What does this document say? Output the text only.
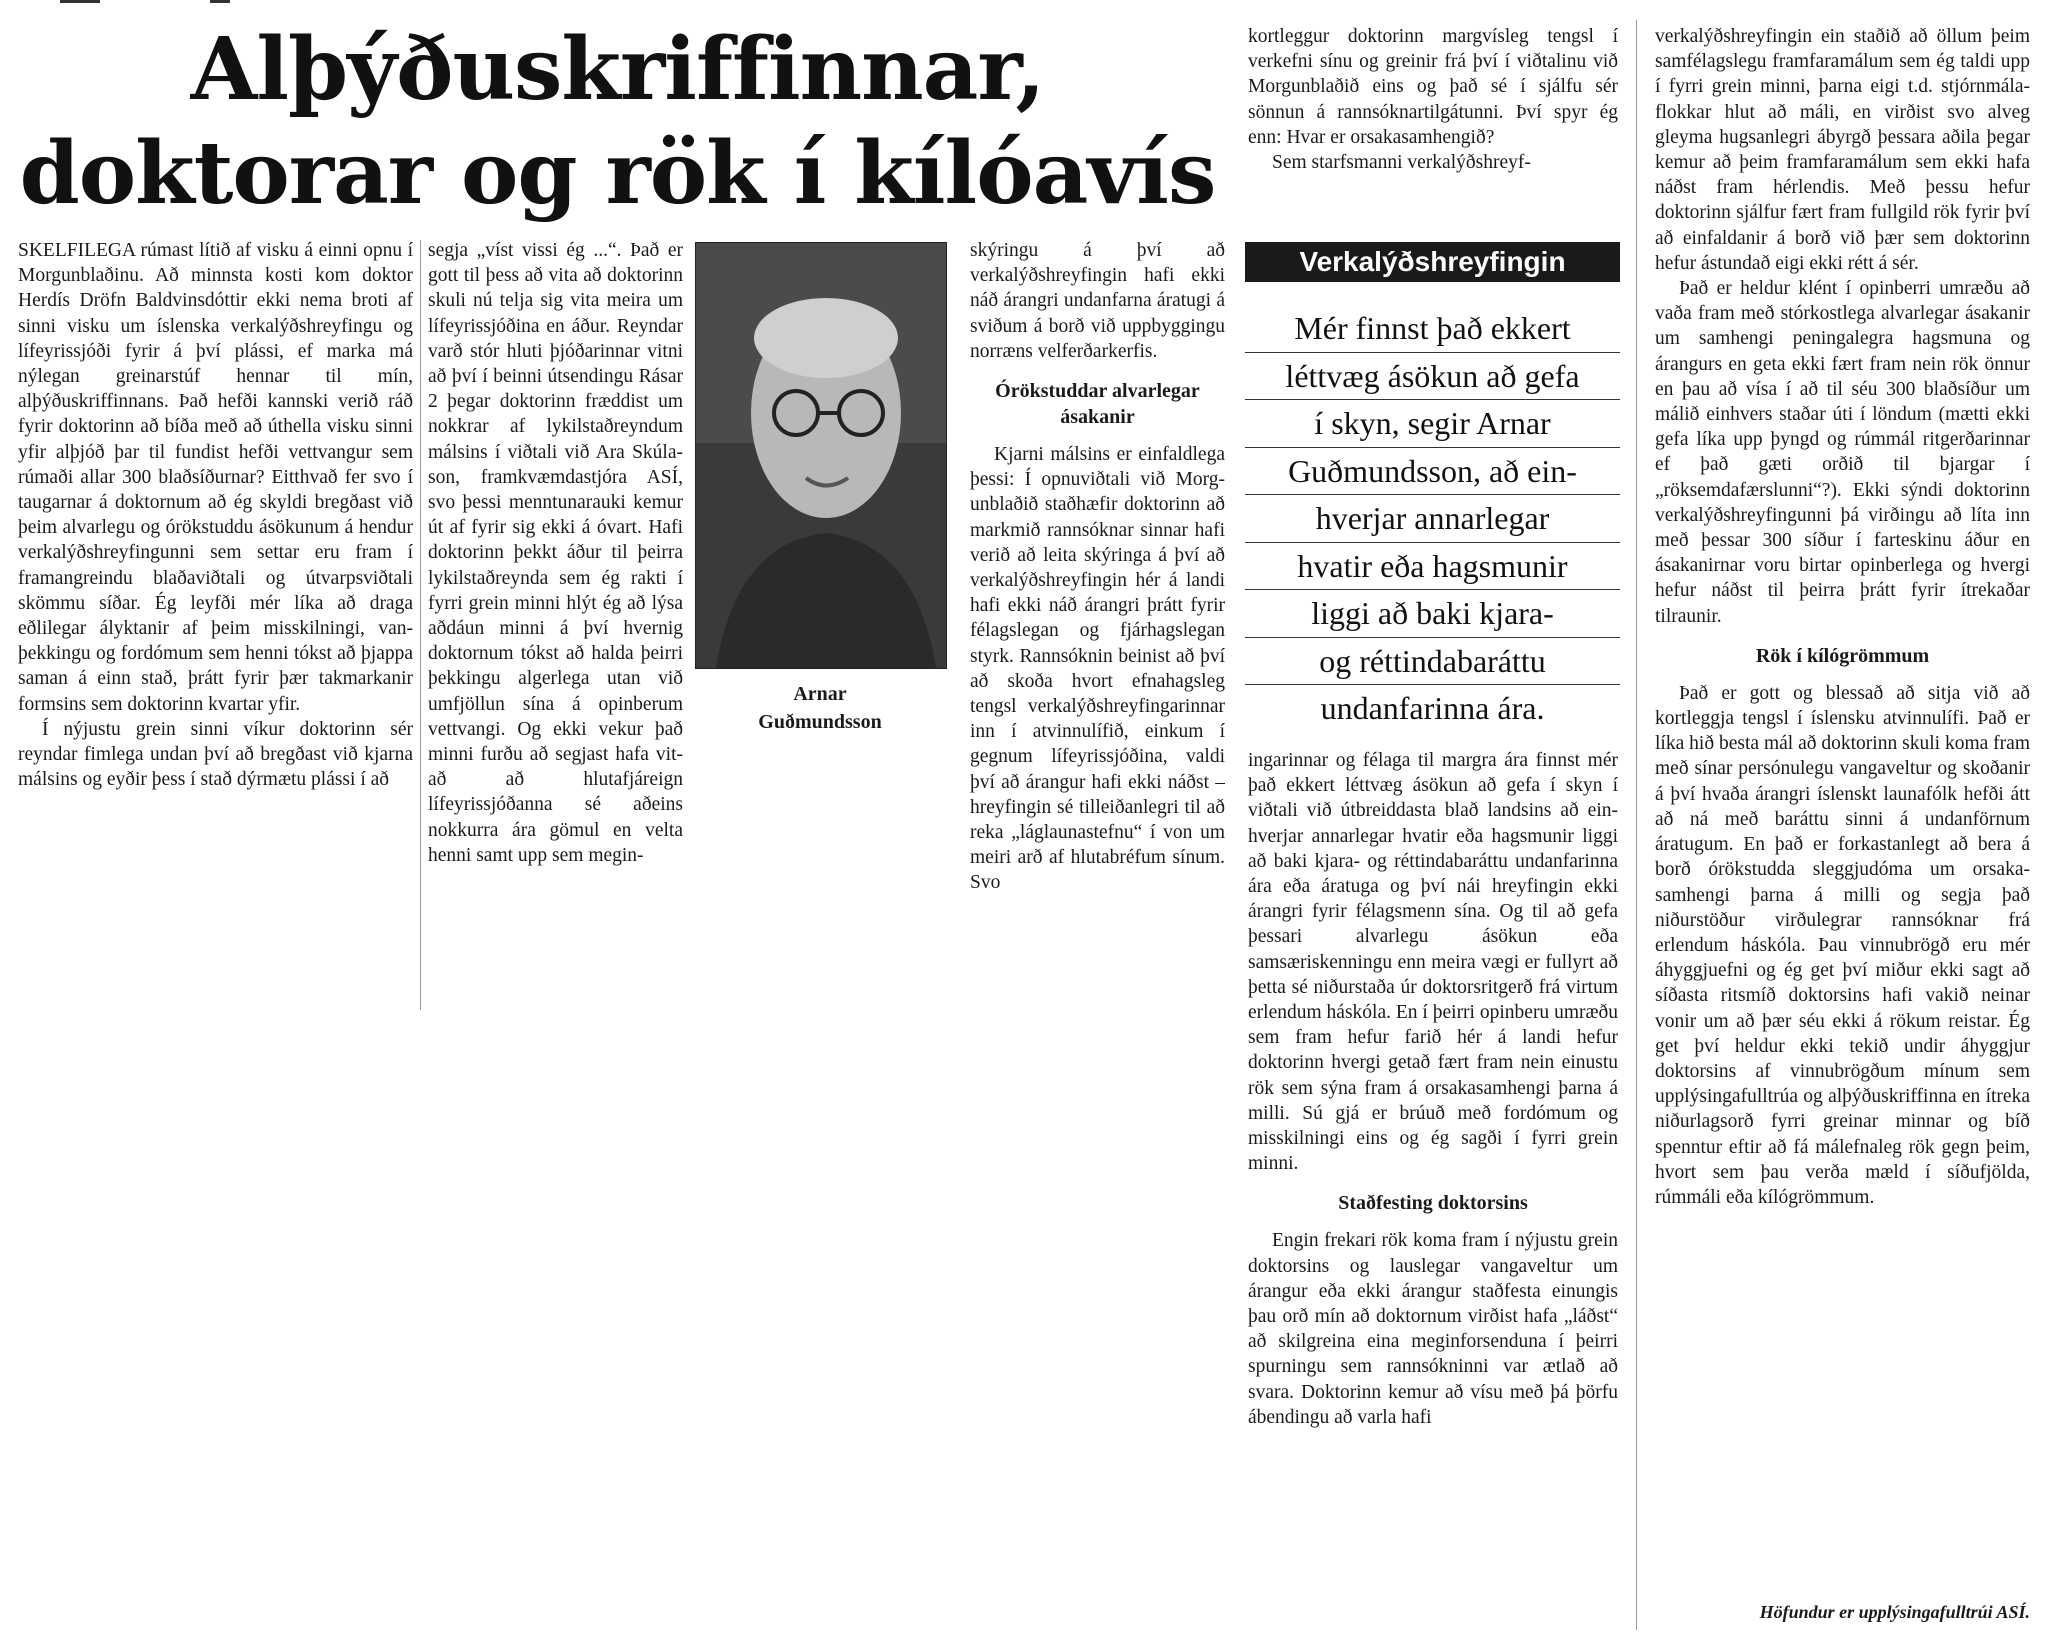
Alþýðuskriffinnar,
doktorar og rök í kílóavís

SKELFILEGA rúmast lítið af visku á einni opnu í Morgunblaðinu. Að minnsta kosti kom doktor Herdís Dröfn Baldvinsdóttir ekki nema broti af sinni visku um íslenska verkalýðshreyfingu og lífeyrissjóði fyrir á því plássi, ef marka má nýlegan greinarstúf hennar til mín, alþýðuskriffinnans. Það hefði kannski verið ráð fyrir doktorinn að bíða með að úthella visku sinni yfir alþjóð þar til fundist hefði vettvangur sem rúmaði allar 300 blaðsíðurnar? Eitthvað fer svo í taugarnar á doktornum að ég skyldi bregðast við þeim alvarlegu og órökstuddu ásökunum á hendur verkalýðshreyfingunni sem settar eru fram í framangreindu blaðaviðtali og útvarpsviðtali skömmu síðar. Ég leyfði mér líka að draga eðlilegar ályktanir af þeim misskilningi, vanþekkingu og fordómum sem henni tókst að þjappa saman á einn stað, þrátt fyrir þær takmarkanir formsins sem doktorinn kvartar yfir.

Í nýjustu grein sinni víkur doktorinn sér reyndar fimlega undan því að bregðast við kjarna málsins og eyðir þess í stað dýrmætu plássi í að

segja „víst vissi ég ...“. Það er gott til þess að vita að doktorinn skuli nú telja sig vita meira um lífeyrissjóðina en áður. Reyndar varð stór hluti þjóðarinnar vitni að því í beinni útsendingu Rásar 2 þegar doktorinn fræddist um nokkrar af lykilstaðreyndum málsins í viðtali við Ara Skúlason, framkvæmdastjóra ASÍ, svo þessi menntunarauki kemur út af fyrir sig ekki á óvart. Hafi doktorinn þekkt áður til þeirra lykilstaðreynda sem ég rakti í fyrri grein minni hlýt ég að lýsa aðdáun minni á því hvernig doktornum tókst að halda þeirri þekkingu algerlega utan við umfjöllun sína á opinberum vettvangi. Og ekki vekur það minni furðu að segjast hafa vitað að hlutafjáreign lífeyrissjóðanna sé aðeins nokkurra ára gömul en velta henni samt upp sem megin-

Arnar
Guðmundsson

skýringu á því að verkalýðshreyfingin hafi ekki náð árangri undanfarna áratugi á sviðum á borð við uppbyggingu norræns velferðarkerfis.

Órökstuddar alvarlegar ásakanir

Kjarni málsins er einfaldlega þessi: Í opnuviðtali við Morgunblaðið staðhæfir doktorinn að markmið rannsóknar sinnar hafi verið að leita skýringa á því að verkalýðshreyfingin hér á landi hafi ekki náð árangri þrátt fyrir félagslegan og fjárhagslegan styrk. Rannsóknin beinist að því að skoða hvort efnahagsleg tengsl verkalýðshreyfingarinnar inn í atvinnulífið, einkum í gegnum lífeyrissjóðina, valdi því að árangur hafi ekki náðst – hreyfingin sé tilleiðanlegri til að reka „láglaunastefnu“ í von um meiri arð af hlutabréfum sínum. Svo

kortleggur doktorinn margvísleg tengsl í verkefni sínu og greinir frá því í viðtalinu við Morgunblaðið eins og það sé í sjálfu sér sönnun á rannsóknartilgátunni. Því spyr ég enn: Hvar er orsakasamhengið?

Sem starfsmanni verkalýðshreyf-

Verkalýðshreyfingin
Mér finnst það ekkert
léttvæg ásökun að gefa
í skyn, segir Arnar
Guðmundsson, að ein-
hverjar annarlegar
hvatir eða hagsmunir
liggi að baki kjara-
og réttindabaráttu
undanfarinna ára.

ingarinnar og félaga til margra ára finnst mér það ekkert léttvæg ásökun að gefa í skyn í viðtali við útbreiddasta blað landsins að einhverjar annarlegar hvatir eða hagsmunir liggi að baki kjara- og réttindabaráttu undanfarinna ára eða áratuga og því nái hreyfingin ekki árangri fyrir félagsmenn sína. Og til að gefa þessari alvarlegu ásökun eða samsæriskenningu enn meira vægi er fullyrt að þetta sé niðurstaða úr doktorsritgerð frá virtum erlendum háskóla. En í þeirri opinberu umræðu sem fram hefur farið hér á landi hefur doktorinn hvergi getað fært fram nein einustu rök sem sýna fram á orsakasamhengi þarna á milli. Sú gjá er brúuð með fordómum og misskilningi eins og ég sagði í fyrri grein minni.

Staðfesting doktorsins

Engin frekari rök koma fram í nýjustu grein doktorsins og lauslegar vangaveltur um árangur eða ekki árangur staðfesta einungis þau orð mín að doktornum virðist hafa „láðst“ að skilgreina eina meginforsenduna í þeirri spurningu sem rannsókninni var ætlað að svara. Doktorinn kemur að vísu með þá þörfu ábendingu að varla hafi

verkalýðshreyfingin ein staðið að öllum þeim samfélagslegu framfaramálum sem ég taldi upp í fyrri grein minni, þarna eigi t.d. stjórnmálaflokkar hlut að máli, en virðist svo alveg gleyma hugsanlegri ábyrgð þessara aðila þegar kemur að þeim framfaramálum sem ekki hafa náðst fram hérlendis. Með þessu hefur doktorinn sjálfur fært fram fullgild rök fyrir því að einfaldanir á borð við þær sem doktorinn hefur ástundað eigi ekki rétt á sér.

Það er heldur klént í opinberri umræðu að vaða fram með stórkostlega alvarlegar ásakanir um samhengi peningalegra hagsmuna og árangurs en geta ekki fært fram nein rök önnur en þau að vísa í að til séu 300 blaðsíður um málið einhvers staðar úti í löndum (mætti ekki gefa líka upp þyngd og rúmmál ritgerðarinnar ef það gæti orðið til bjargar í „röksemdafærslunni“?). Ekki sýndi doktorinn verkalýðshreyfingunni þá virðingu að líta inn með þessar 300 síður í farteskinu áður en ásakanirnar voru birtar opinberlega og hvergi hefur náðst til þeirra þrátt fyrir ítrekaðar tilraunir.

Rök í kílógrömmum

Það er gott og blessað að sitja við að kortleggja tengsl í íslensku atvinnulífi. Það er líka hið besta mál að doktorinn skuli koma fram með sínar persónulegu vangaveltur og skoðanir á því hvaða árangri íslenskt launafólk hefði átt að ná með baráttu sinni á undanförnum áratugum. En það er forkastanlegt að bera á borð órökstudda sleggjudóma um orsakasamhengi þarna á milli og segja það niðurstöður virðulegrar rannsóknar frá erlendum háskóla. Þau vinnubrögð eru mér áhyggjuefni og ég get því miður ekki sagt að síðasta ritsmíð doktorsins hafi vakið neinar vonir um að þær séu ekki á rökum reistar. Ég get því heldur ekki tekið undir áhyggjur doktorsins af vinnubrögðum mínum sem upplýsingafulltrúa og alþýðuskriffinna en ítreka niðurlagsorð fyrri greinar minnar og bíð spenntur eftir að fá málefnaleg rök gegn þeim, hvort sem þau verða mæld í síðufjölda, rúmmáli eða kílógrömmum.

Höfundur er upplýsingafulltrúi ASÍ.
